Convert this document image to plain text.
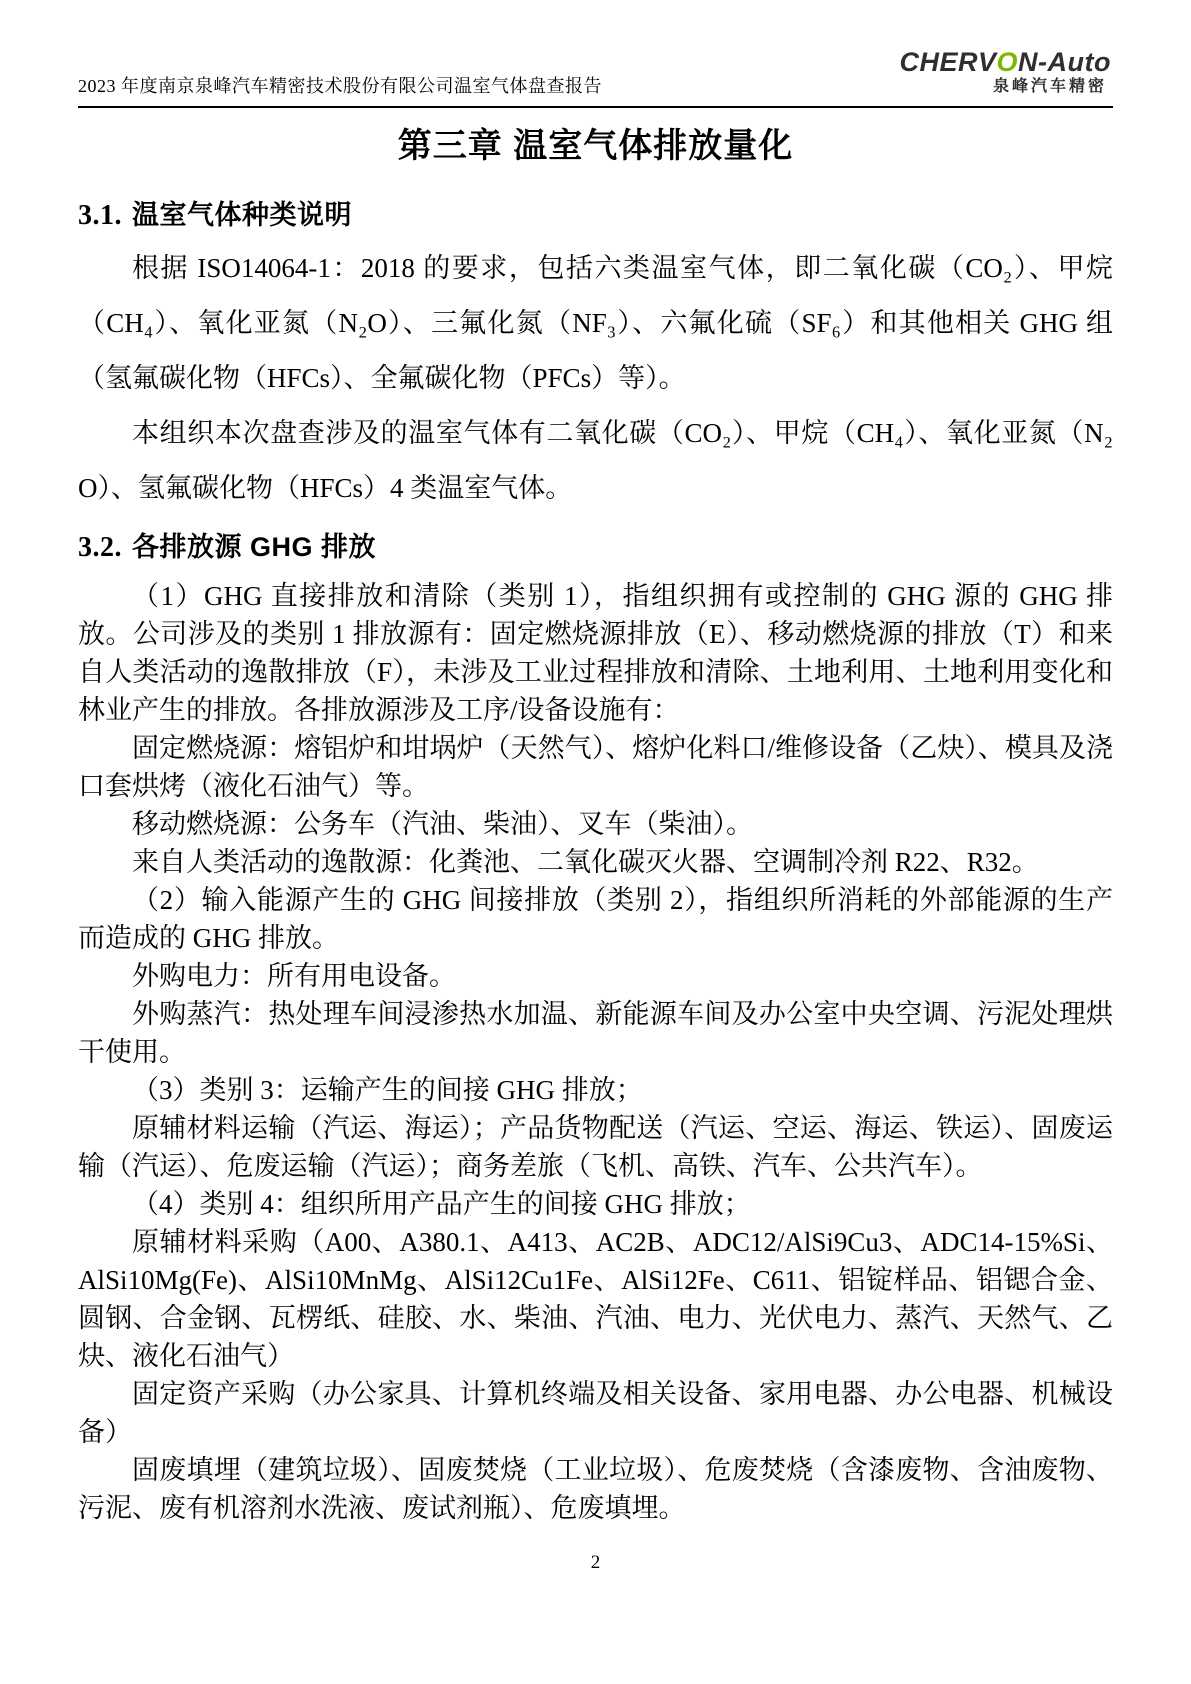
2023 年度南京泉峰汽车精密技术股份有限公司温室气体盘查报告
CHERVON-Auto
泉峰汽车精密
第三章 温室气体排放量化
3.1. 温室气体种类说明

根据 ISO14064-1：2018 的要求，包括六类温室气体，即二氧化碳（CO₂）、甲烷（CH₄）、氧化亚氮（N₂O）、三氟化氮（NF₃）、六氟化硫（SF₆）和其他相关 GHG 组（氢氟碳化物（HFCs）、全氟碳化物（PFCs）等）。

本组织本次盘查涉及的温室气体有二氧化碳（CO₂）、甲烷（CH₄）、氧化亚氮（N₂O）、氢氟碳化物（HFCs）4 类温室气体。

3.2. 各排放源 GHG 排放

（1）GHG 直接排放和清除（类别 1），指组织拥有或控制的 GHG 源的 GHG 排放。公司涉及的类别 1 排放源有：固定燃烧源排放（E）、移动燃烧源的排放（T）和来自人类活动的逸散排放（F），未涉及工业过程排放和清除、土地利用、土地利用变化和林业产生的排放。各排放源涉及工序/设备设施有：

固定燃烧源：熔铝炉和坩埚炉（天然气）、熔炉化料口/维修设备（乙炔）、模具及浇口套烘烤（液化石油气）等。

移动燃烧源：公务车（汽油、柴油）、叉车（柴油）。

来自人类活动的逸散源：化粪池、二氧化碳灭火器、空调制冷剂 R22、R32。

（2）输入能源产生的 GHG 间接排放（类别 2），指组织所消耗的外部能源的生产而造成的 GHG 排放。

外购电力：所有用电设备。

外购蒸汽：热处理车间浸渗热水加温、新能源车间及办公室中央空调、污泥处理烘干使用。

（3）类别 3：运输产生的间接 GHG 排放；

原辅材料运输（汽运、海运）；产品货物配送（汽运、空运、海运、铁运）、固废运输（汽运）、危废运输（汽运）；商务差旅（飞机、高铁、汽车、公共汽车）。

（4）类别 4：组织所用产品产生的间接 GHG 排放；

原辅材料采购（A00、A380.1、A413、AC2B、ADC12/AlSi9Cu3、ADC14-15%Si、AlSi10Mg(Fe)、AlSi10MnMg、AlSi12Cu1Fe、AlSi12Fe、C611、铝锭样品、铝锶合金、圆钢、合金钢、瓦楞纸、硅胶、水、柴油、汽油、电力、光伏电力、蒸汽、天然气、乙炔、液化石油气）

固定资产采购（办公家具、计算机终端及相关设备、家用电器、办公电器、机械设备）

固废填埋（建筑垃圾）、固废焚烧（工业垃圾）、危废焚烧（含漆废物、含油废物、污泥、废有机溶剂水洗液、废试剂瓶）、危废填埋。

2
